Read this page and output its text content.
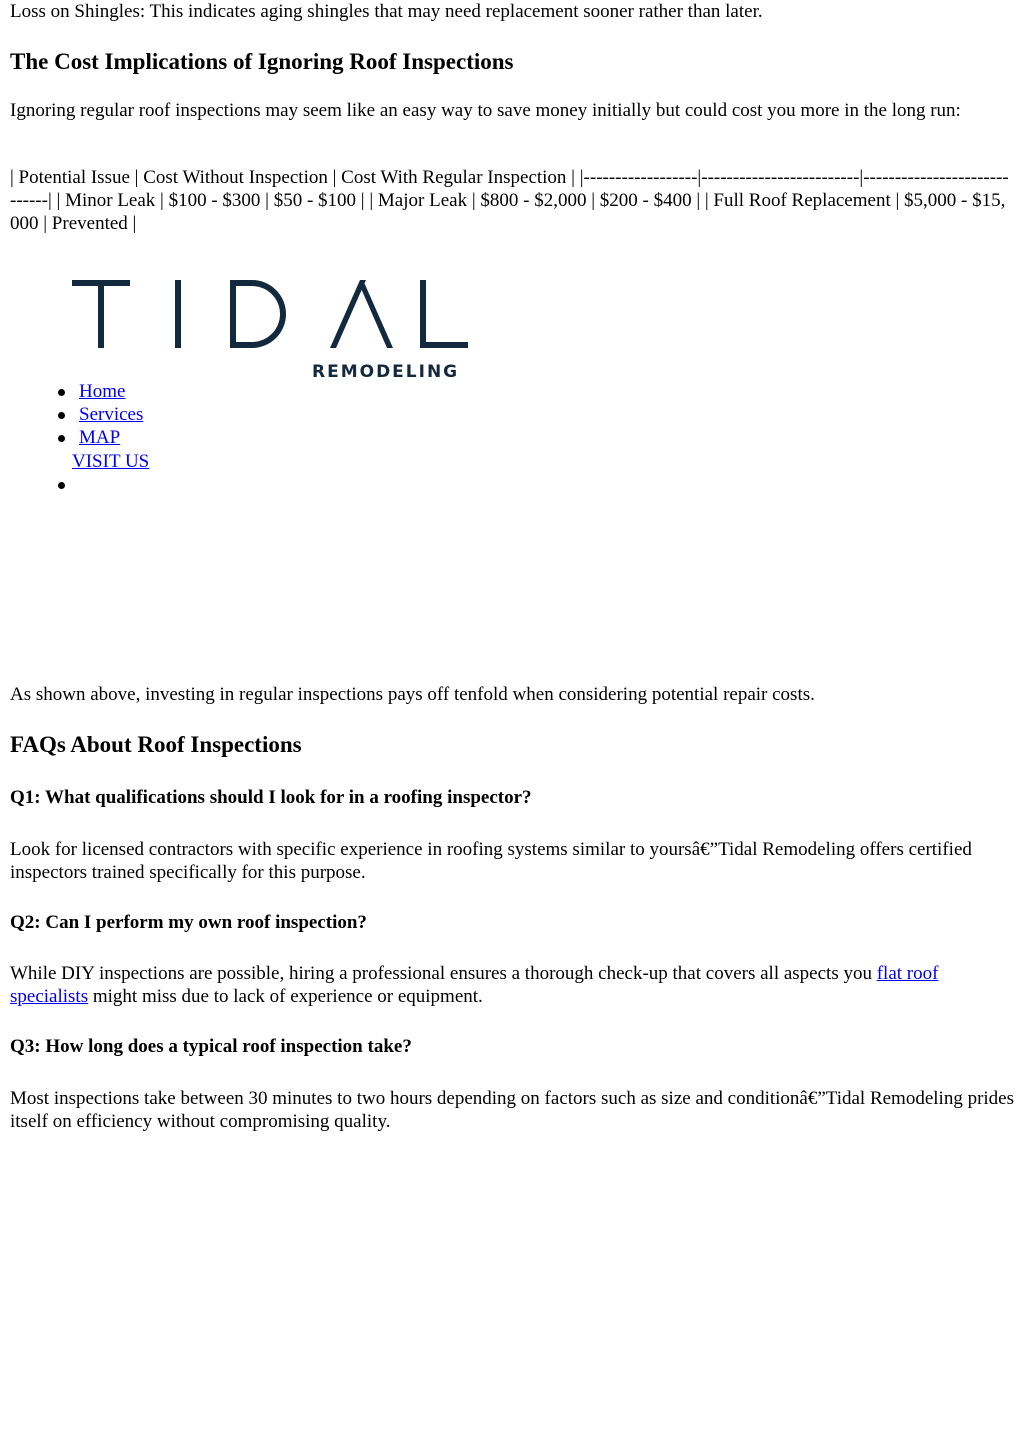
Loss on Shingles: This indicates aging shingles that may need replacement sooner rather than later.

The Cost Implications of Ignoring Roof Inspections

Ignoring regular roof inspections may seem like an easy way to save money initially but could cost you more in the long run:

| Potential Issue | Cost Without Inspection | Cost With Regular Inspection | |------------------|-------------------------|-----------------------------| | Minor Leak | $100 - $300 | $50 - $100 | | Major Leak | $800 - $2,000 | $200 - $400 | | Full Roof Replacement | $5,000 - $15,000 | Prevented |

REMODELING
Home
Services
MAP
VISIT US

As shown above, investing in regular inspections pays off tenfold when considering potential repair costs.

FAQs About Roof Inspections
Q1: What qualifications should I look for in a roofing inspector?

Look for licensed contractors with specific experience in roofing systems similar to yoursâ€”Tidal Remodeling offers certified inspectors trained specifically for this purpose.

Q2: Can I perform my own roof inspection?

While DIY inspections are possible, hiring a professional ensures a thorough check-up that covers all aspects you flat roof specialists might miss due to lack of experience or equipment.

Q3: How long does a typical roof inspection take?

Most inspections take between 30 minutes to two hours depending on factors such as size and conditionâ€”Tidal Remodeling prides itself on efficiency without compromising quality.
